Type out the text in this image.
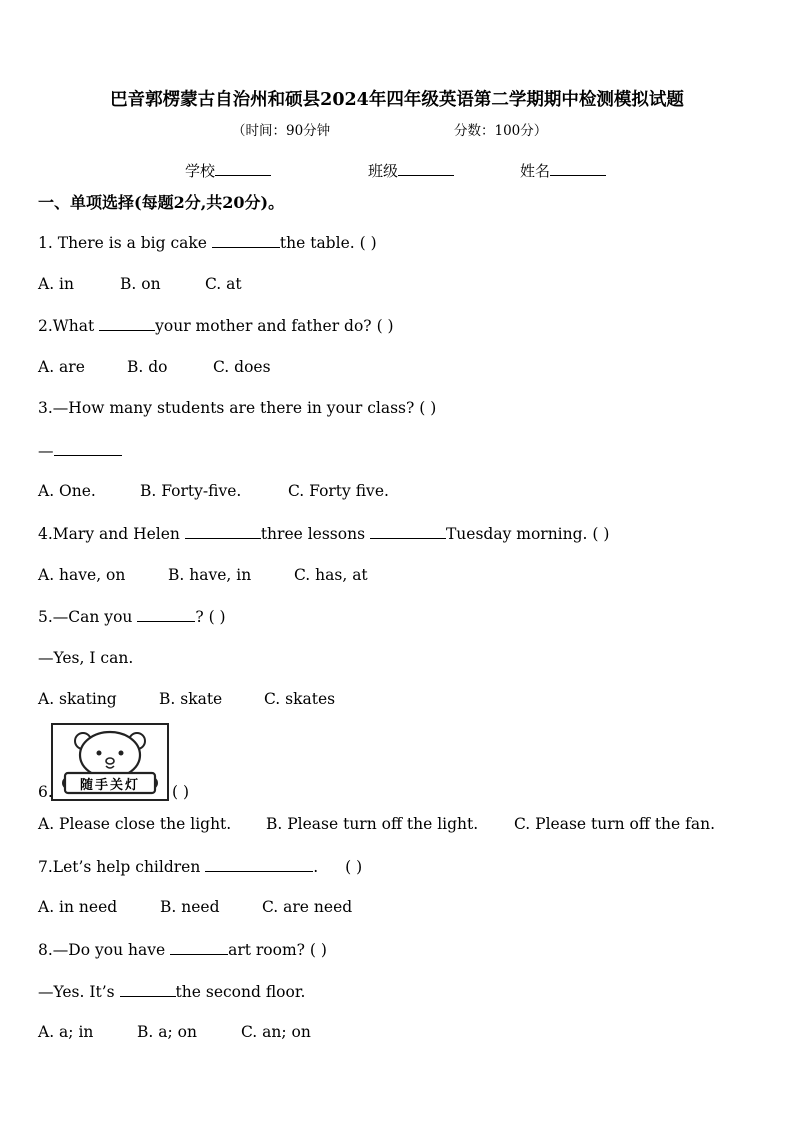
巴音郭楞蒙古自治州和硕县2024年四年级英语第二学期期中检测模拟试题
（时间：90分钟	分数：100分）
学校	班级	姓名
一、单项选择(每题2分,共20分)。
1. There is a big cake	the table. ( )
A. in	B. on	C. at
2.What	your mother and father do? ( )
A. are	B. do	C. does
3.—How many students are there in your class? ( )
—
A. One.	B. Forty-five.	C. Forty five.
4.Mary and Helen	three lessons	Tuesday morning. ( )
A. have, on	B. have, in	C. has, at
5.—Can you	? ( )
—Yes, I can.
A. skating	B. skate	C. skates
随手关灯
6.	( )
A. Please close the light. B. Please turn off the light. C. Please turn off the fan.
7.Let’s help children	. ( )
A. in need	B. need	C. are need
8.—Do you have	art room? ( )
—Yes. It’s	the second floor.
A. a; in	B. a; on	C. an; on
